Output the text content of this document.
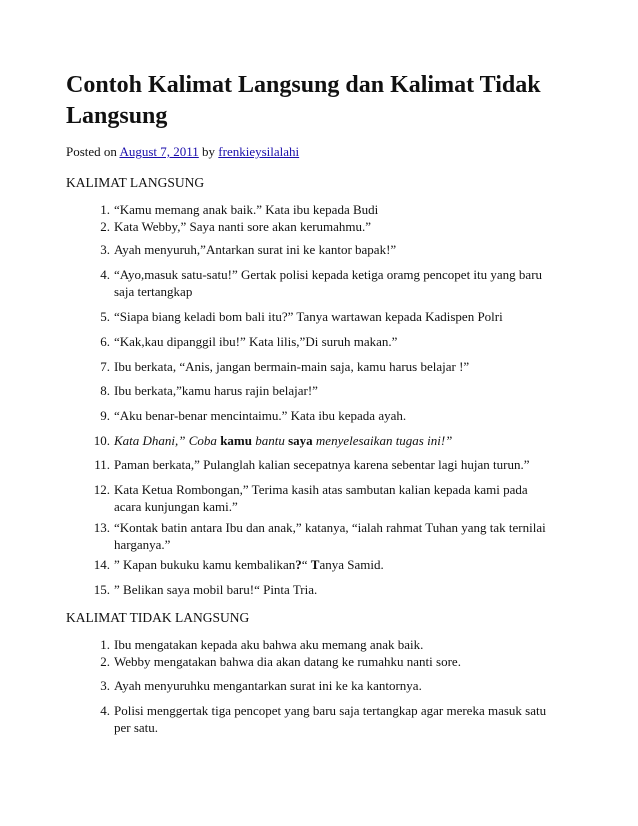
Contoh Kalimat Langsung dan Kalimat Tidak Langsung
Posted on August 7, 2011 by frenkieysilalahi
KALIMAT LANGSUNG
1. “Kamu memang anak baik.” Kata ibu kepada Budi
2. Kata Webby,” Saya nanti sore akan kerumahmu.”
3. Ayah menyuruh,”Antarkan surat ini ke kantor bapak!”
4. “Ayo,masuk satu-satu!” Gertak polisi kepada ketiga oramg pencopet itu yang baru saja tertangkap
5. “Siapa biang keladi bom bali itu?” Tanya wartawan kepada Kadispen Polri
6. “Kak,kau dipanggil ibu!” Kata lilis,”Di suruh makan.”
7. Ibu berkata, “Anis, jangan bermain-main saja, kamu harus belajar !”
8. Ibu berkata,”kamu harus rajin belajar!”
9. “Aku benar-benar mencintaimu.” Kata ibu kepada ayah.
10. Kata Dhani,” Coba kamu bantu saya menyelesaikan tugas ini!”
11. Paman berkata,” Pulanglah kalian secepatnya karena sebentar lagi hujan turun.”
12. Kata Ketua Rombongan,” Terima kasih atas sambutan kalian kepada kami pada acara kunjungan kami.”
13. “Kontak batin antara Ibu dan anak,” katanya, “ialah rahmat Tuhan yang tak ternilai harganya.”
14. ” Kapan bukuku kamu kembalikan?“ Tanya Samid.
15. ” Belikan saya mobil baru!“ Pinta Tria.
KALIMAT TIDAK LANGSUNG
1. Ibu mengatakan kepada aku bahwa aku memang anak baik.
2. Webby mengatakan bahwa dia akan datang ke rumahku nanti sore.
3. Ayah menyuruhku mengantarkan surat ini ke ka kantornya.
4. Polisi menggertak tiga pencopet yang baru saja tertangkap agar mereka masuk satu per satu.
